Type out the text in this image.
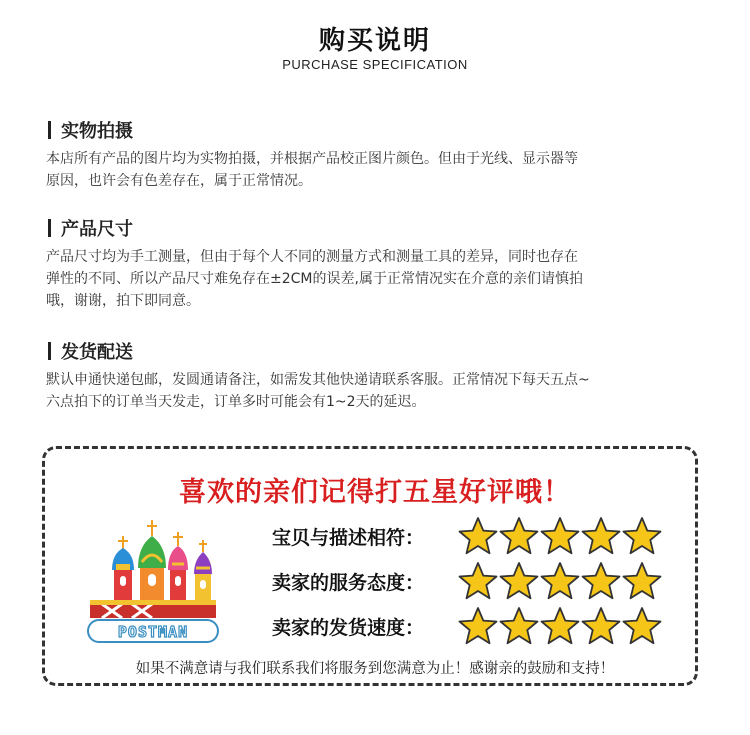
购买说明
PURCHASE SPECIFICATION
实物拍摄
本店所有产品的图片均为实物拍摄，并根据产品校正图片颜色。但由于光线、显示器等
原因，也许会有色差存在，属于正常情况。
产品尺寸
产品尺寸均为手工测量，但由于每个人不同的测量方式和测量工具的差异，同时也存在
弹性的不同、所以产品尺寸难免存在±2CM的误差,属于正常情况实在介意的亲们请慎拍
哦，谢谢，拍下即同意。
发货配送
默认申通快递包邮，发圆通请备注，如需发其他快递请联系客服。正常情况下每天五点~
六点拍下的订单当天发走，订单多时可能会有1~2天的延迟。
喜欢的亲们记得打五星好评哦！
POSTMAN
宝贝与描述相符：
卖家的服务态度：
卖家的发货速度：
如果不满意请与我们联系我们将服务到您满意为止！感谢亲的鼓励和支持！
